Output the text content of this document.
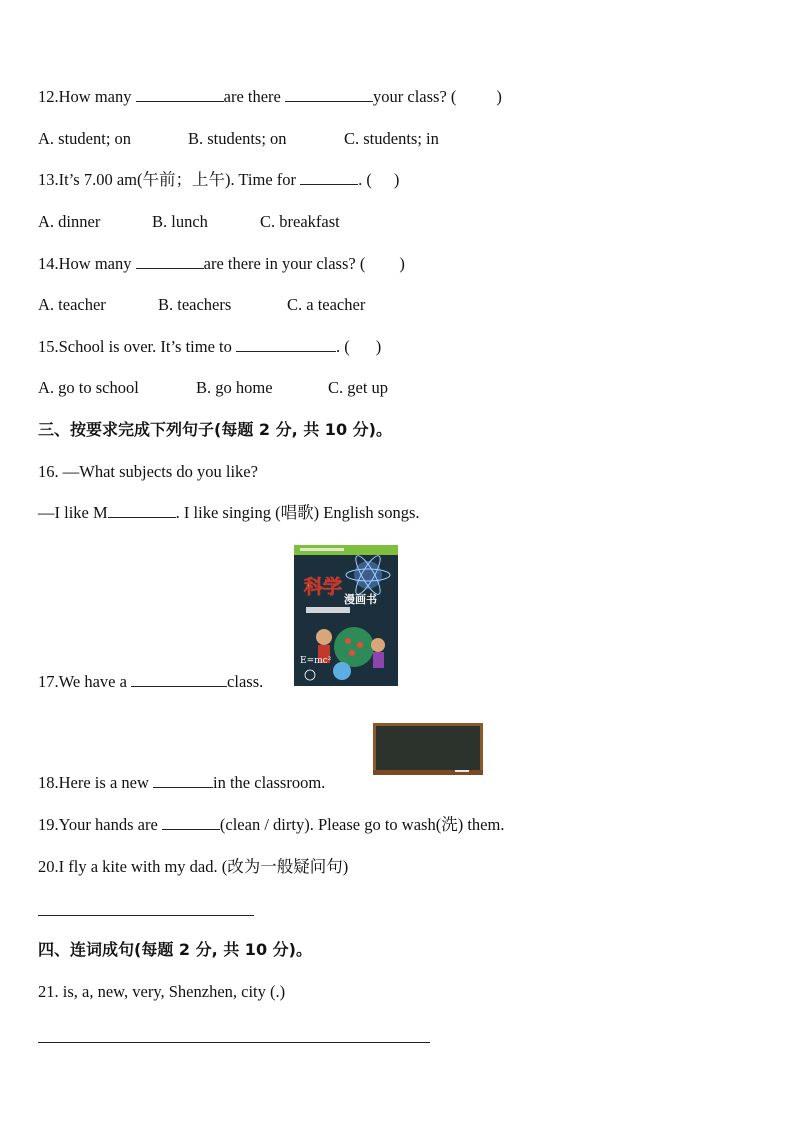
12.How many	are there	your class? ( )
A. student; on	B. students; on	C. students; in
13.It’s 7.00 am(午前；上午). Time for	. ( )
A. dinner	B. lunch	C. breakfast
14.How many	are there in your class? ( )
A. teacher	B. teachers	C. a teacher
15.School is over. It’s time to	. ( )
A. go to school	B. go home	C. get up
三、按要求完成下列句子(每题 2 分, 共 10 分)。
16. —What subjects do you like?
—I like M	. I like singing (唱歌) English songs.
科学
漫画书
E=mc²
17.We have a	class.
18.Here is a new	in the classroom.
19.Your hands are	(clean / dirty). Please go to wash(洗) them.
20.I fly a kite with my dad. (改为一般疑问句)
四、连词成句(每题 2 分, 共 10 分)。
21. is, a, new, very, Shenzhen, city (.)
